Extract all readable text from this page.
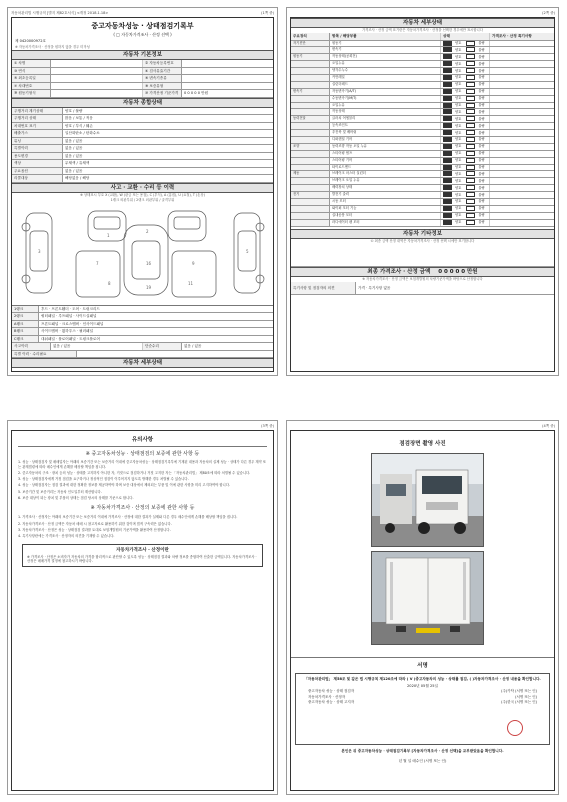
자동차관리법 시행규칙 [별지 제82호서식] <개정 2018.1.18>	(1쪽 중)
중고자동차성능 · 상태점검기록부
( □ 자동차가격조사 · 산정 선택 )
제 0420000972호
※ 자동차가격조사 · 산정을 원하지 않을 경우 미작성
자동차 기본정보
① 차명	② 자동차등록번호
③ 연식	④ 검사유효기간
⑤ 최초등록일	⑥ 변속기종류
⑦ 차대번호	⑧ 보증유형
⑨ 원동기형식	⑩ 가격산정 기준가격	0 0 0 0 0 만원
자동차 종합상태
주행거리 계기상태	양호 / 불량
주행거리 상태	많음 / 보통 / 적음
차대번호 표기	양호 / 부식 / 훼손
배출가스	일산화탄소 / 탄화수소
튜닝	없음 / 있음
특별이력	없음 / 있음
용도변경	없음 / 있음
색상	무채색 / 유채색
주요옵션	없음 / 있음
리콜대상	해당없음 / 해당
사고 · 교환 · 수리 등 이력
※ 상태표시 부호 X (교환), W (판금 또는 용접), C (부식), A (흠집), U (요철), T (손상)
1랭크 외판부위 / 2랭크 외판부위 / 골격부위
1
2
7	16	9
3	5
8	11
19
1랭크	후드 · 프론트휀더 · 도어 · 트렁크리드
2랭크	쿼터패널 · 루프패널 · 사이드실패널
A랭크	프론트패널 · 크로스멤버 · 인사이드패널
B랭크	사이드멤버 · 휠하우스 · 필러패널
C랭크	대쉬패널 · 플로어패널 · 트렁크플로어
사고이력	없음 / 있음	단순수리	없음 / 있음
특별 이력 · 수리필요
자동차 세부상태
(2쪽 중)
자동차 세부상태
가격조사 · 산정 금액 표기란은 자동차가격조사 · 산정을 선택한 경우에만 표시합니다
주요장치	항목 / 해당부품	상태	가격조사 · 산정 특기사항
자기진단	원동기	양호	불량
변속기	양호	불량
원동기	작동상태(공회전)	양호	불량
오일누유	양호	불량
냉각수누수	양호	불량
커먼레일	양호	불량
실린더헤드	양호	불량
변속기	자동변속기(A/T)	양호	불량
수동변속기(M/T)	양호	불량
오일누유	양호	불량
작동상태	양호	불량
동력전달	클러치 어셈블리	양호	불량
등속조인트	양호	불량
추진축 및 베어링	양호	불량
디퍼렌셜 기어	양호	불량
조향	동력조향 작동 오일 누유	양호	불량
스티어링 펌프	양호	불량
스티어링 기어	양호	불량
타이로드엔드	양호	불량
제동	브레이크 마스터 실린더	양호	불량
브레이크 오일 누유	양호	불량
배력장치 상태	양호	불량
전기	발전기 출력	양호	불량
시동 모터	양호	불량
와이퍼 모터 기능	양호	불량
실내송풍 모터	양호	불량
라디에이터 팬 모터	양호	불량
자동차 기타정보
① 최종 금액 산정 내역은 자동차가격조사 · 산정 선택 시에만 표기합니다
최종 가격조사 · 산정 금액 0 0 0 0 0 만원
※ 자동차가격조사 · 산정 금액은 보험개발원의 차량기준가액을 바탕으로 산정합니다
특기사항 및 점검자의 의견	가격 · 특기사항 없음
(3쪽 중)
유의사항
※ 중고자동차성능 · 상태점검의 보증에 관한 사항 등

1. 성능 · 상태점검자 및 매매업자는 아래의 보증기간 또는 보증거리 이내에 중고자동차성능 · 상태점검기록부에 기재된 내용과 자동차의 실제 성능 · 상태가 다른 경우 계약 또는 관계법령에 따라 매수인에게 손해를 배상할 책임을 집니다.

2. 중고자동차의 구조 · 장치 등의 성능 · 상태를 고지하지 아니한 자, 거짓으로 점검하거나 거짓 고지한 자는 「자동차관리법」 제80조에 따라 처벌될 수 있습니다.

3. 성능 · 상태점검자에게 거짓 점검을 요구하거나 정상적인 점검이 이루어지지 않도록 방해한 경우 처벌될 수 있습니다.

4. 성능 · 상태점검자는 점검 결과에 대한 정확한 정보를 제공하여야 하며 보증 대상에서 제외되는 부품 및 이에 관한 사항을 미리 고지하여야 합니다.

5. 보증기간 및 보증거리는 자동차 인도일부터 계산합니다.

6. 보증 대상이 되는 장치 및 부품의 상태는 점검 당시의 상태를 기준으로 합니다.

※ 자동차가격조사 · 산정의 보증에 관한 사항 등

1. 가격조사 · 산정자는 아래의 보증기간 또는 보증거리 이내에 가격조사 · 산정에 대한 결과가 실제와 다른 경우 매수인에게 손해를 배상할 책임을 집니다.

2. 자동차가격조사 · 산정 금액은 자동차 매매 시 참고자료로 활용하기 위한 것이며 법적 구속력은 없습니다.

3. 자동차가격조사 · 산정은 성능 · 상태점검 결과를 토대로 보험개발원의 기준가액을 활용하여 산정합니다.

4. 특기사항란에는 가격조사 · 산정자의 의견을 기재할 수 있습니다.

자동차가격조사 · 산정이란
※ 가격조사 · 산정은 소비자가 자동차의 가격을 합리적으로 판단할 수 있도록 성능 · 상태점검 결과와 차량 정보를 종합하여 산출한 금액입니다. 자동차가격조사 · 산정은 매매가격 결정에 참고하시기 바랍니다.
(4쪽 중)
점검장면 촬영 사진
서명
「자동차관리법」 제58조 및 같은 법 시행규칙 제120조에 따라 ( V )중고자동차의 성능 · 상태를 점검, ( )자동차가격조사 · 산정 내용을 확인합니다.
2020년 05월 25일
중고자동차 성능 · 상태 점검자	(주)카닥 (서명 또는 인)
자동차가격조사 · 산정자	(서명 또는 인)
중고자동차 성능 · 상태 고지자	(주)한국 (서명 또는 인)
본인은 위 중고자동차성능 · 상태점검기록부 [자동차가격조사 · 산정 선택]을 교부받았음을 확인합니다.
년 월 일 매수인 (서명 또는 인)
